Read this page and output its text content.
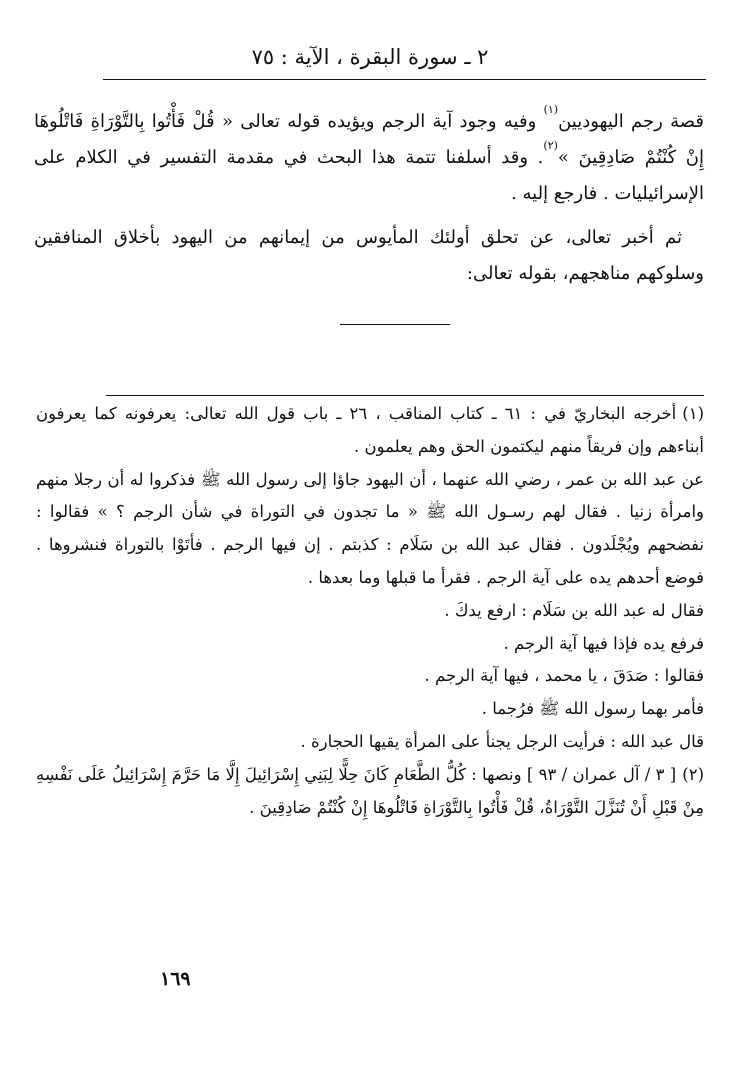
٢ ـ سورة البقرة ، الآية : ٧٥

قصة رجم اليهوديين$^{(١)}$ وفيه وجود آية الرجم ويؤيده قوله تعالى « قُلْ فَأْتُوا بِالتَّوْرَاةِ فَاتْلُوهَا إِنْ كُنْتُمْ صَادِقِينَ »$^{(٢)}$. وقد أسلفنا تتمة هذا البحث في مقدمة التفسير في الكلام على الإسرائيليات . فارجع إليه .

ثم أخبر تعالى، عن تحلق أولئك المأيوس من إيمانهم من اليهود بأخلاق المنافقين وسلوكهم مناهجهم، بقوله تعالى:

(١)أخرجه البخاريّ في : ٦١ ـ كتاب المناقب ، ٢٦ ـ باب قول الله تعالى: يعرفونه كما يعرفون أبناءهم وإن فريقاً منهم ليكتمون الحق وهم يعلمون .

عن عبد الله بن عمر ، رضي الله عنهما ، أن اليهود جاؤا إلى رسول الله ﷺ فذكروا له أن رجلا منهم وامرأة زنيا . فقال لهم رسـول الله ﷺ « ما تجدون في التوراة في شأن الرجم ؟ » فقالوا : نفضحهم ويُجْلَدون . فقال عبد الله بن سَلَام : كذبتم . إن فيها الرجم . فأتَوْا بالتوراة فنشروها . فوضع أحدهم يده على آية الرجم . فقرأ ما قبلها وما بعدها .

فقال له عبد الله بن سَلَام : ارفع يدكَ .

فرفع يده فإذا فيها آية الرجم .

فقالوا : صَدَقَ ، يا محمد ، فيها آية الرجم .

فأمر بهما رسول الله ﷺ فرُجما .

قال عبد الله : فرأيت الرجل يجنأ على المرأة يقيها الحجارة .

(٢)[ ٣ / آل عمران / ٩٣ ] ونصها : كُلُّ الطَّعَامِ كَانَ حِلًّا لِبَنِي إِسْرَائِيلَ إِلَّا مَا حَرَّمَ إِسْرَائِيلُ عَلَى نَفْسِهِ مِنْ قَبْلِ أَنْ تُنَزَّلَ التَّوْرَاةُ، قُلْ فَأْتُوا بِالتَّوْرَاةِ فَاتْلُوهَا إِنْ كُنْتُمْ صَادِقِينَ .

١٦٩
